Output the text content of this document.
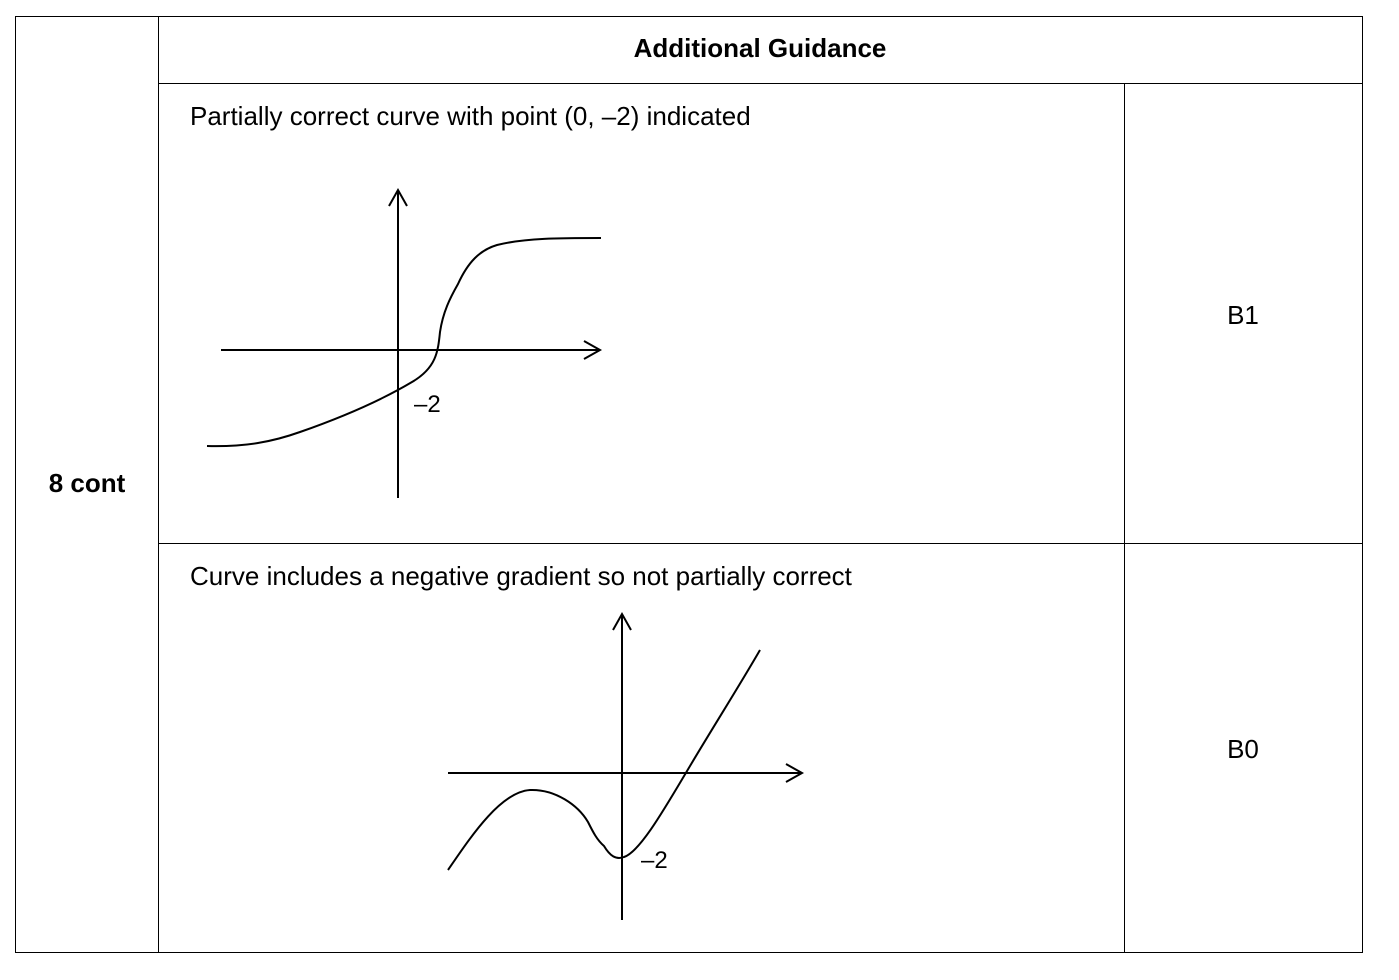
8 cont
Additional Guidance
Partially correct curve with point (0, –2) indicated
–2
B1
Curve includes a negative gradient so not partially correct
–2
B0
